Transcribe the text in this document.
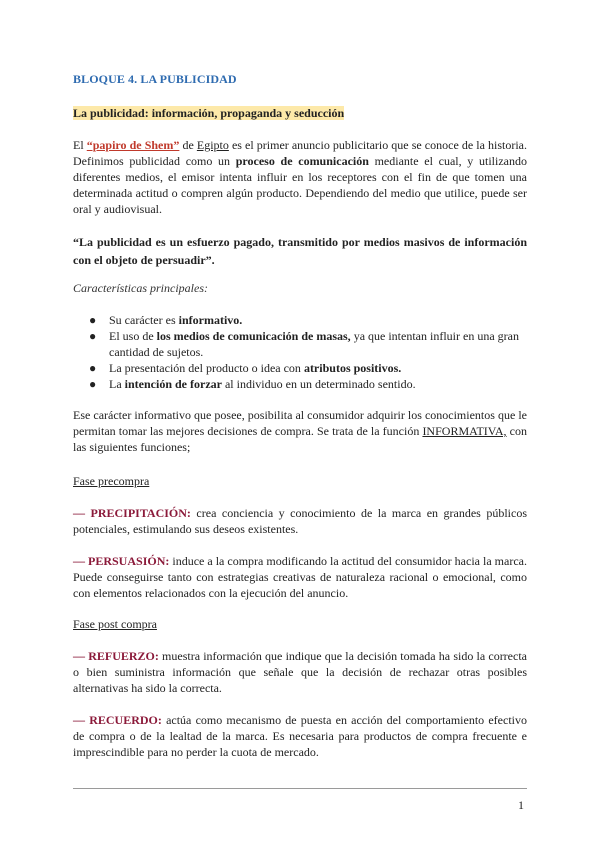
BLOQUE 4. LA PUBLICIDAD
La publicidad: información, propaganda y seducción

El “papiro de Shem” de Egipto es el primer anuncio publicitario que se conoce de la historia. Definimos publicidad como un proceso de comunicación mediante el cual, y utilizando diferentes medios, el emisor intenta influir en los receptores con el fin de que tomen una determinada actitud o compren algún producto. Dependiendo del medio que utilice, puede ser oral y audiovisual.

“La publicidad es un esfuerzo pagado, transmitido por medios masivos de información con el objeto de persuadir”.

Características principales:
● Su carácter es informativo.
● El uso de los medios de comunicación de masas, ya que intentan influir en una gran cantidad de sujetos.
● La presentación del producto o idea con atributos positivos.
● La intención de forzar al individuo en un determinado sentido.

Ese carácter informativo que posee, posibilita al consumidor adquirir los conocimientos que le permitan tomar las mejores decisiones de compra. Se trata de la función INFORMATIVA, con las siguientes funciones;

Fase precompra

— PRECIPITACIÓN: crea conciencia y conocimiento de la marca en grandes públicos potenciales, estimulando sus deseos existentes.

— PERSUASIÓN: induce a la compra modificando la actitud del consumidor hacia la marca. Puede conseguirse tanto con estrategias creativas de naturaleza racional o emocional, como con elementos relacionados con la ejecución del anuncio.

Fase post compra

— REFUERZO: muestra información que indique que la decisión tomada ha sido la correcta o bien suministra información que señale que la decisión de rechazar otras posibles alternativas ha sido la correcta.

— RECUERDO: actúa como mecanismo de puesta en acción del comportamiento efectivo de compra o de la lealtad de la marca. Es necesaria para productos de compra frecuente e imprescindible para no perder la cuota de mercado.

1
